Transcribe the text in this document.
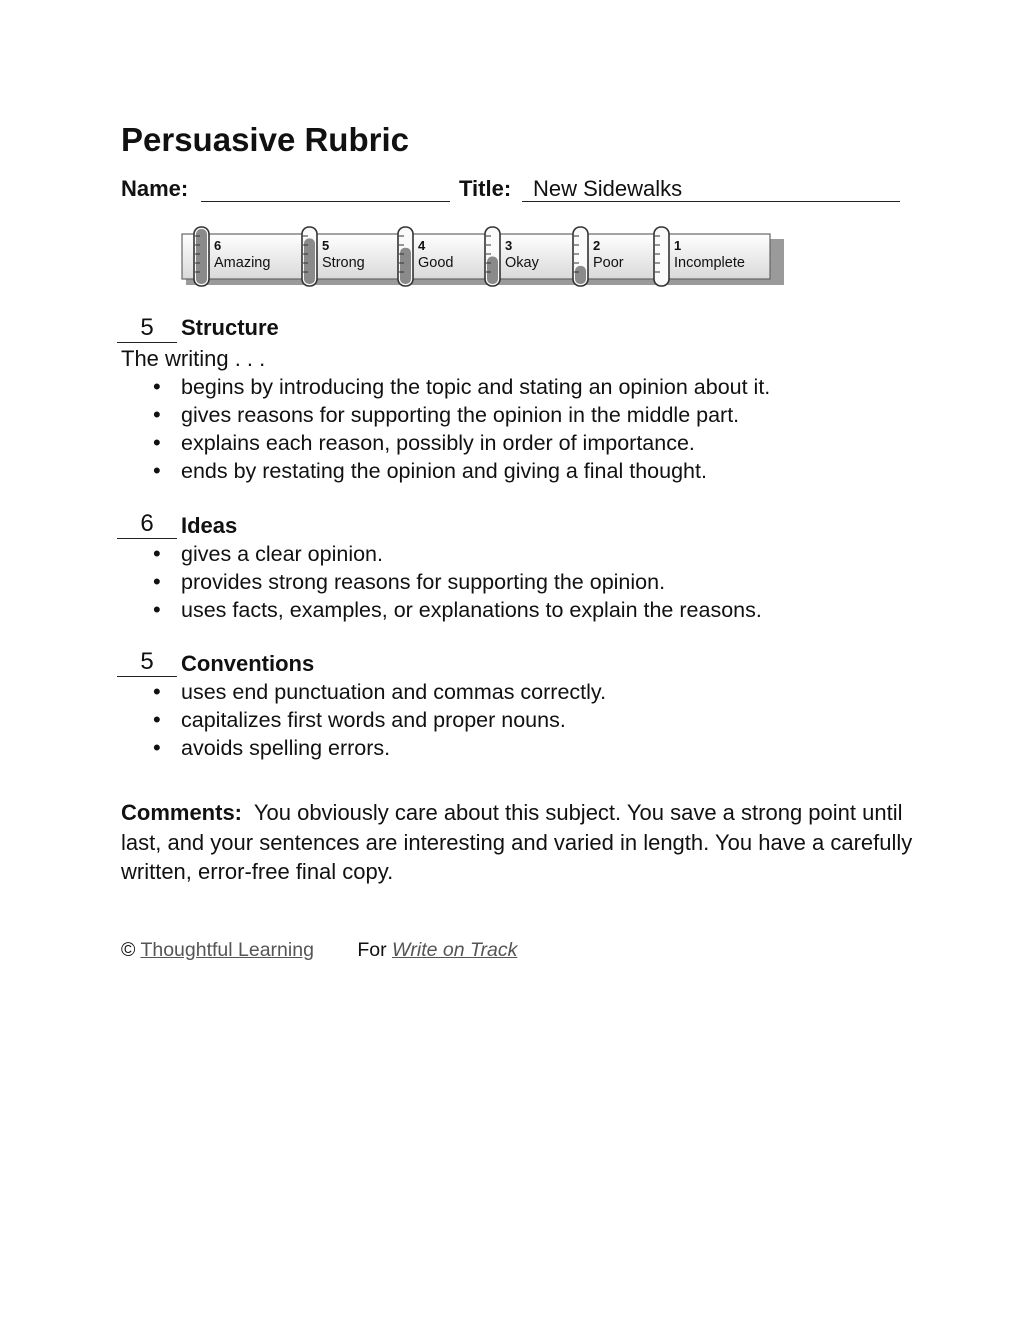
Persuasive Rubric
Name:	Title: New Sidewalks
6
Amazing
5
Strong
4
Good
3
Okay
2
Poor
1
Incomplete
5	Structure
The writing . . .
• begins by introducing the topic and stating an opinion about it.
• gives reasons for supporting the opinion in the middle part.
• explains each reason, possibly in order of importance.
• ends by restating the opinion and giving a final thought.
6	Ideas
• gives a clear opinion.
• provides strong reasons for supporting the opinion.
• uses facts, examples, or explanations to explain the reasons.
5	Conventions
• uses end punctuation and commas correctly.
• capitalizes first words and proper nouns.
• avoids spelling errors.
Comments: You obviously care about this subject. You save a strong point until last, and your sentences are interesting and varied in length. You have a carefully written, error-free final copy.
© Thoughtful Learning For Write on Track
